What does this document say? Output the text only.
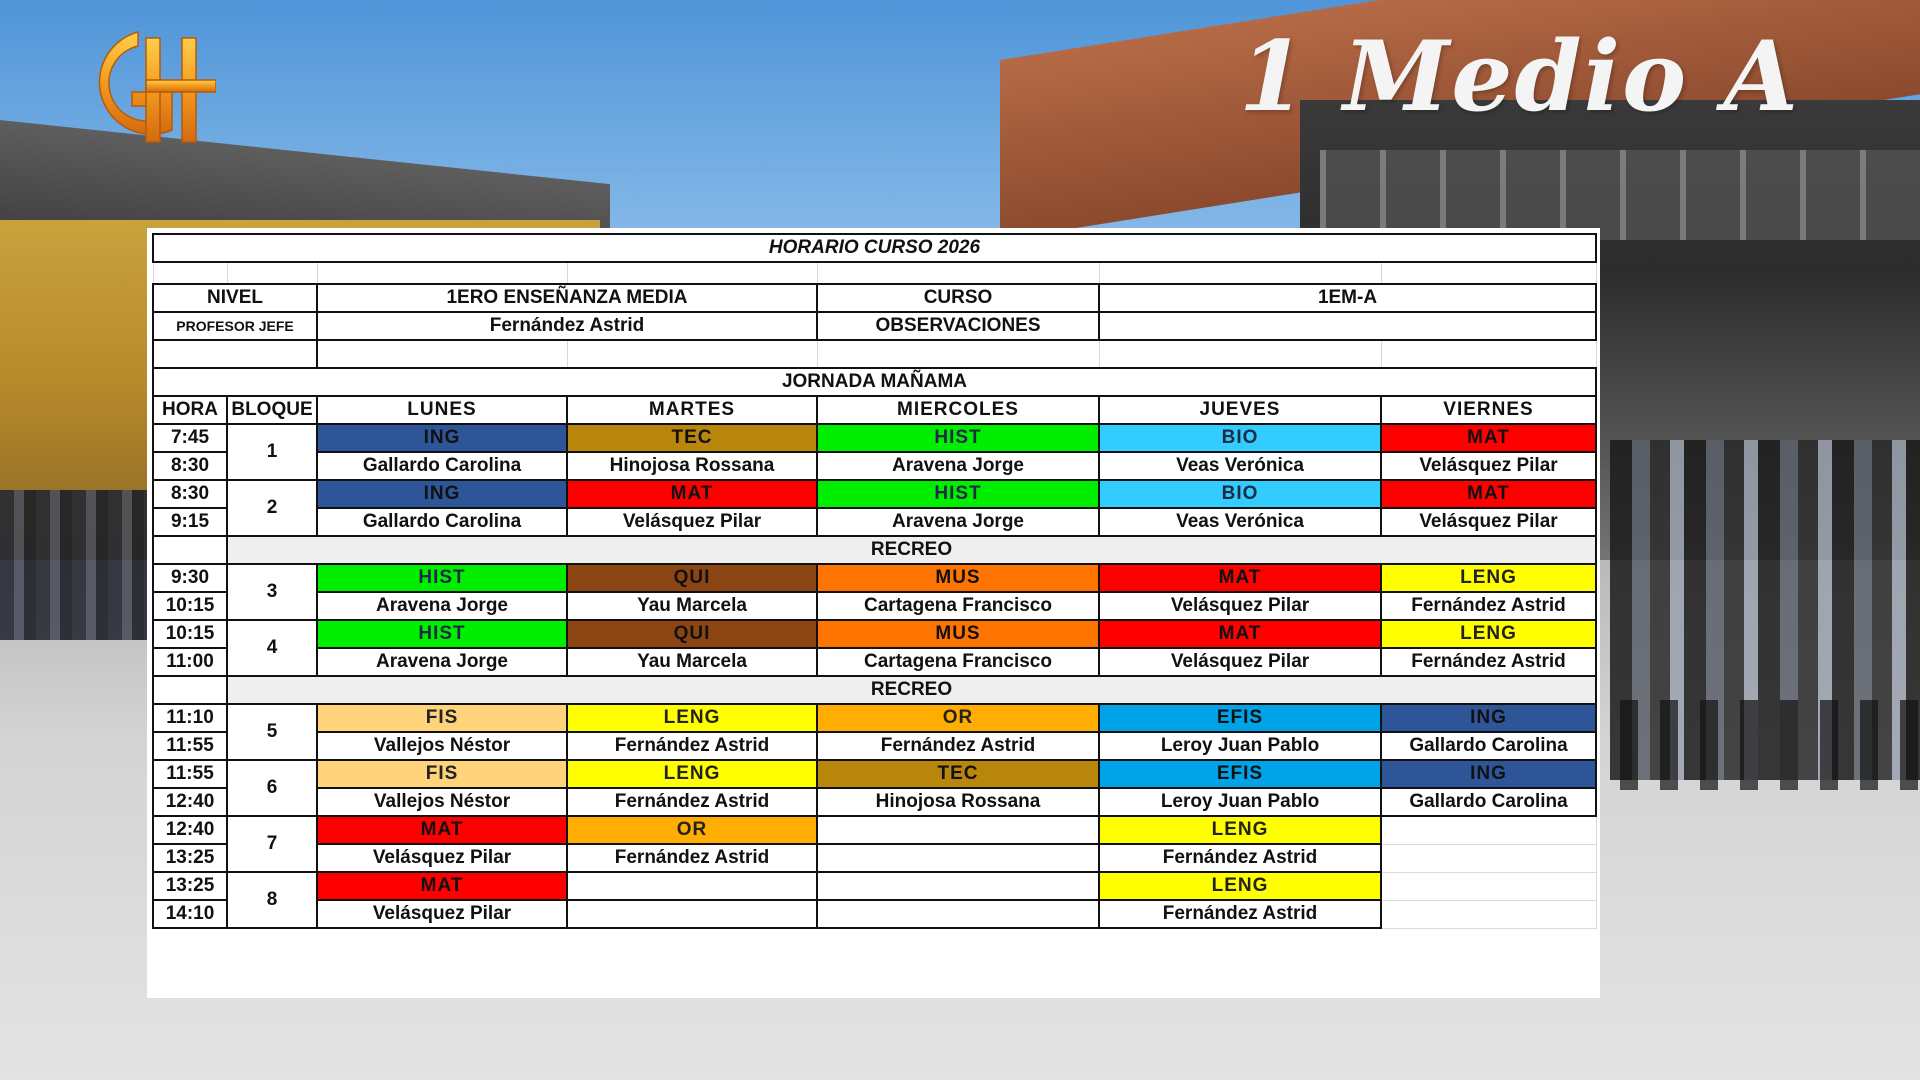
1 Medio A
HORARIO CURSO 2026						

NIVEL		1ERO ENSEÑANZA MEDIA		CURSO	1EM-A	
PROFESOR JEFE		Fernández Astrid		OBSERVACIONES		

JORNADA MAÑAMA						
HORA	BLOQUE	LUNES	MARTES	MIERCOLES	JUEVES	VIERNES
7:45	1	ING	TEC	HIST	BIO	MAT
8:30		Gallardo Carolina	Hinojosa Rossana	Aravena Jorge	Veas Verónica	Velásquez Pilar
8:30	2	ING	MAT	HIST	BIO	MAT
9:15		Gallardo Carolina	Velásquez Pilar	Aravena Jorge	Veas Verónica	Velásquez Pilar
	RECREO					
9:30	3	HIST	QUI	MUS	MAT	LENG
10:15		Aravena Jorge	Yau Marcela	Cartagena Francisco	Velásquez Pilar	Fernández Astrid
10:15	4	HIST	QUI	MUS	MAT	LENG
11:00		Aravena Jorge	Yau Marcela	Cartagena Francisco	Velásquez Pilar	Fernández Astrid
	RECREO					
11:10	5	FIS	LENG	OR	EFIS	ING
11:55		Vallejos Néstor	Fernández Astrid	Fernández Astrid	Leroy Juan Pablo	Gallardo Carolina
11:55	6	FIS	LENG	TEC	EFIS	ING
12:40		Vallejos Néstor	Fernández Astrid	Hinojosa Rossana	Leroy Juan Pablo	Gallardo Carolina
12:40	7	MAT	OR		LENG	
13:25		Velásquez Pilar	Fernández Astrid		Fernández Astrid	
13:25	8	MAT			LENG	
14:10		Velásquez Pilar			Fernández Astrid	
